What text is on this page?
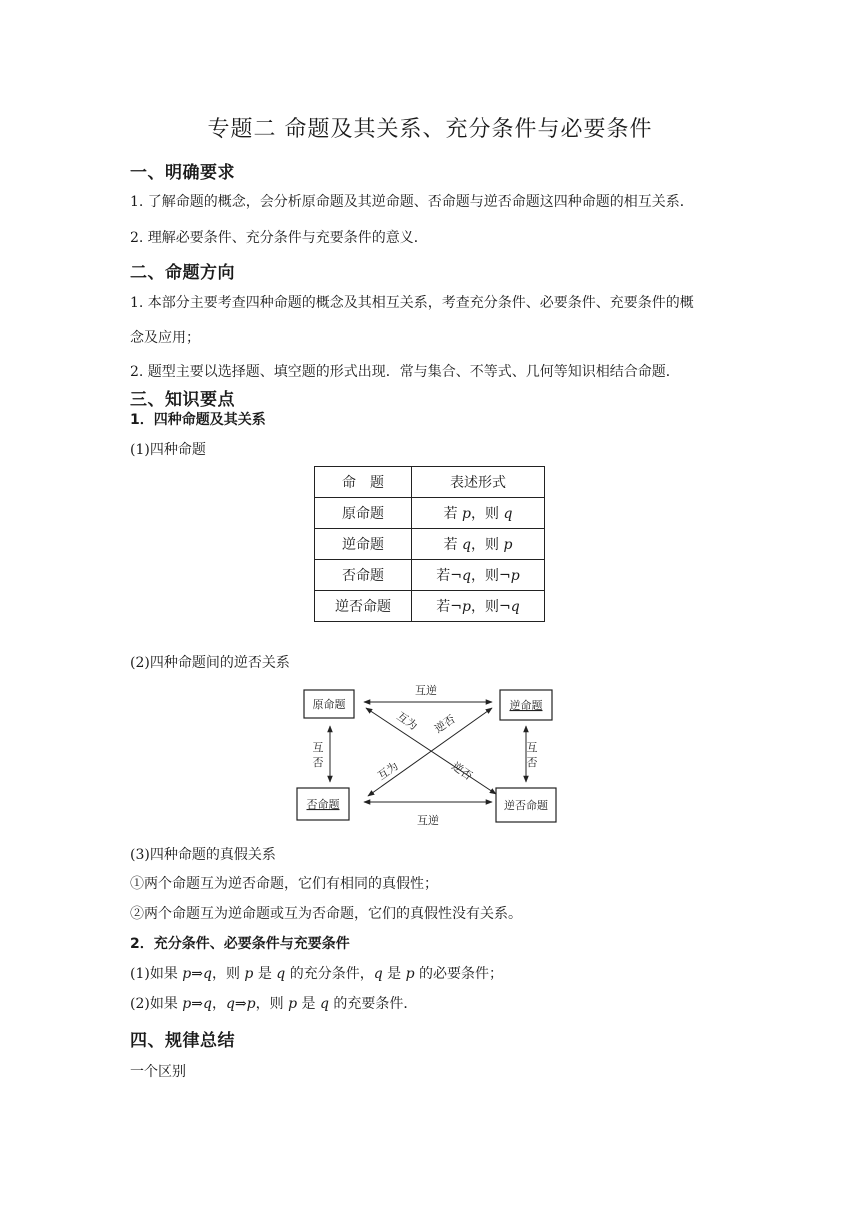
专题二 命题及其关系、充分条件与必要条件
一、明确要求

1. 了解命题的概念，会分析原命题及其逆命题、否命题与逆否命题这四种命题的相互关系．

2. 理解必要条件、充分条件与充要条件的意义．

二、命题方向

1. 本部分主要考查四种命题的概念及其相互关系，考查充分条件、必要条件、充要条件的概

念及应用；

2. 题型主要以选择题、填空题的形式出现．常与集合、不等式、几何等知识相结合命题．

三、知识要点
1．四种命题及其关系

(1)四种命题

命　题	表述形式
原命题	若 p，则 q
逆命题	若 q，则 p
否命题	若¬q，则¬p
逆否命题	若¬p，则¬q

(2)四种命题间的逆否关系

原命题	逆命题
否命题	逆否命题
互逆
互逆
互
否
互
否
互为 逆否
互为	逆否

(3)四种命题的真假关系

①两个命题互为逆否命题，它们有相同的真假性；

②两个命题互为逆命题或互为否命题，它们的真假性没有关系。

2．充分条件、必要条件与充要条件

(1)如果 p⇒q，则 p 是 q 的充分条件，q 是 p 的必要条件；

(2)如果 p⇒q，q⇒p，则 p 是 q 的充要条件．

四、规律总结

一个区别
